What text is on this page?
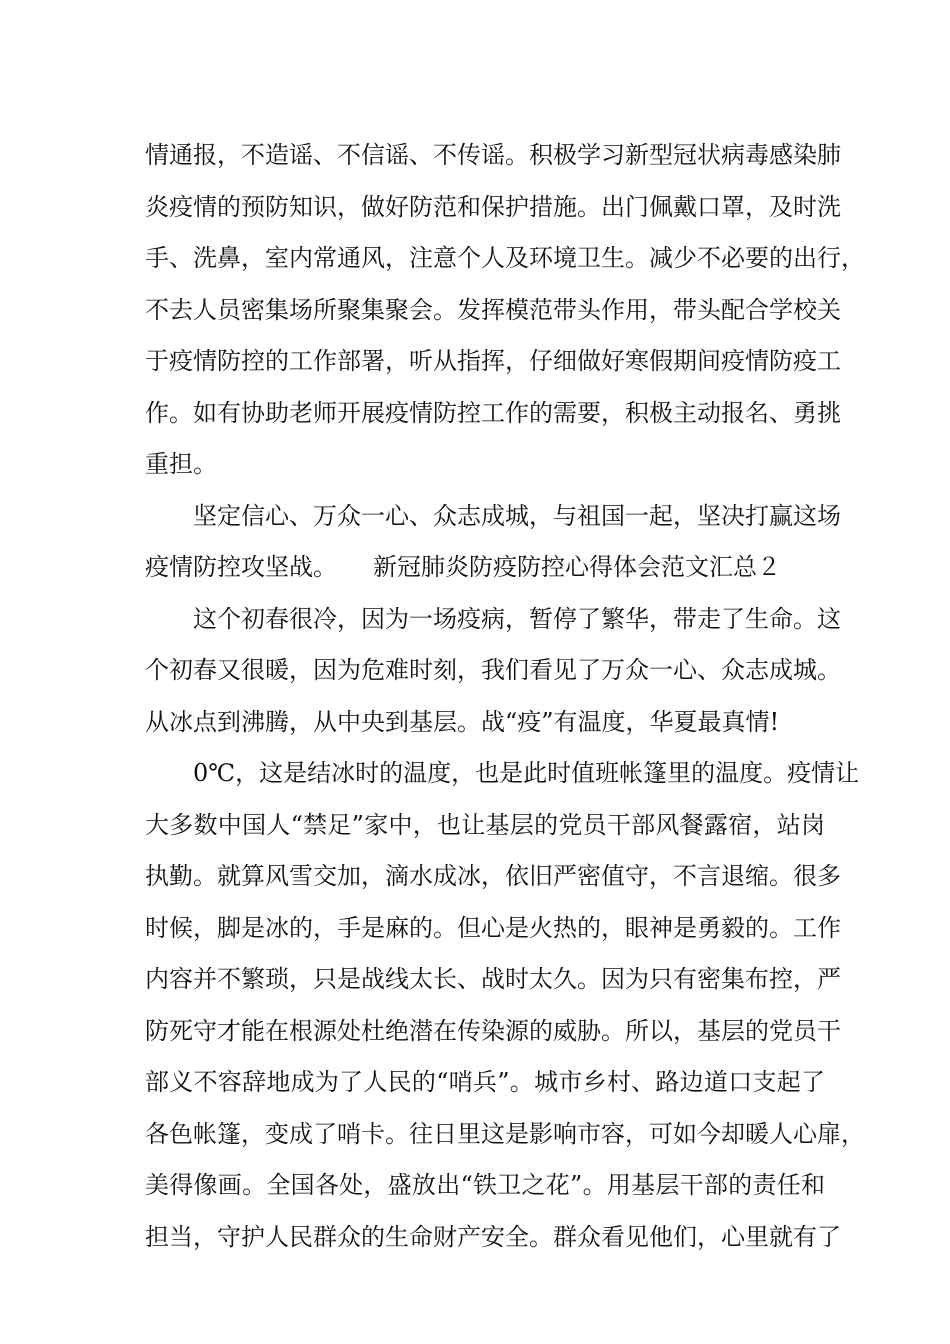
情通报，不造谣、不信谣、不传谣。积极学习新型冠状病毒感染肺
炎疫情的预防知识，做好防范和保护措施。出门佩戴口罩，及时洗
手、洗鼻，室内常通风，注意个人及环境卫生。减少不必要的出行，
不去人员密集场所聚集聚会。发挥模范带头作用，带头配合学校关
于疫情防控的工作部署，听从指挥，仔细做好寒假期间疫情防疫工
作。如有协助老师开展疫情防控工作的需要，积极主动报名、勇挑
重担。
坚定信心、万众一心、众志成城，与祖国一起，坚决打赢这场
疫情防控攻坚战。　　新冠肺炎防疫防控心得体会范文汇总２
这个初春很冷，因为一场疫病，暂停了繁华，带走了生命。这
个初春又很暖，因为危难时刻，我们看见了万众一心、众志成城。
从冰点到沸腾，从中央到基层。战“疫”有温度，华夏最真情!
0℃，这是结冰时的温度，也是此时值班帐篷里的温度。疫情让
大多数中国人“禁足”家中，也让基层的党员干部风餐露宿，站岗
执勤。就算风雪交加，滴水成冰，依旧严密值守，不言退缩。很多
时候，脚是冰的，手是麻的。但心是火热的，眼神是勇毅的。工作
内容并不繁琐，只是战线太长、战时太久。因为只有密集布控，严
防死守才能在根源处杜绝潜在传染源的威胁。所以，基层的党员干
部义不容辞地成为了人民的“哨兵”。城市乡村、路边道口支起了
各色帐篷，变成了哨卡。往日里这是影响市容，可如今却暖人心扉，
美得像画。全国各处，盛放出“铁卫之花”。用基层干部的责任和
担当，守护人民群众的生命财产安全。群众看见他们，心里就有了
